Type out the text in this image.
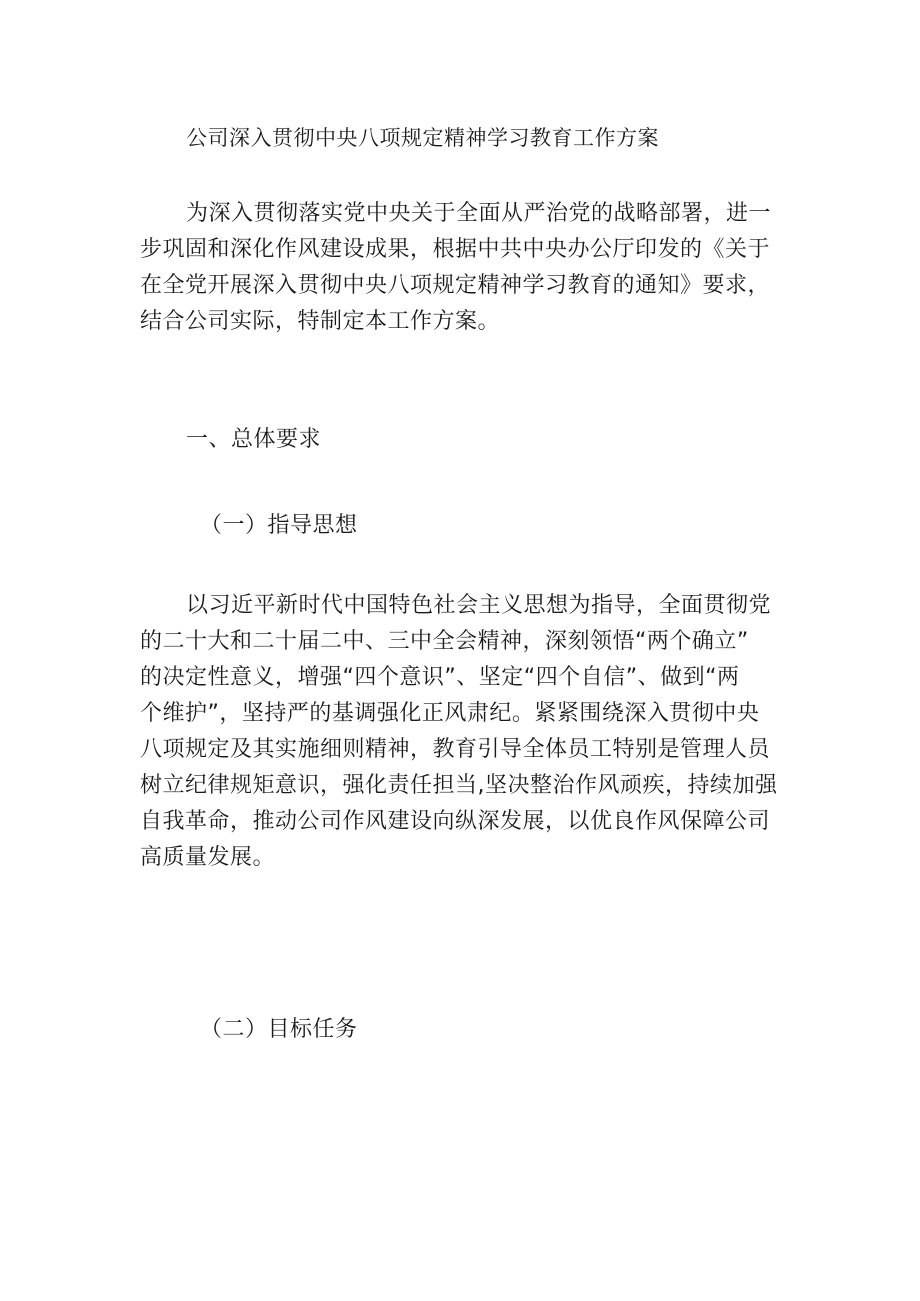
公司深入贯彻中央八项规定精神学习教育工作方案
为深入贯彻落实党中央关于全面从严治党的战略部署，进一
步巩固和深化作风建设成果，根据中共中央办公厅印发的《关于
在全党开展深入贯彻中央八项规定精神学习教育的通知》要求，
结合公司实际，特制定本工作方案。
一、总体要求
（一）指导思想
以习近平新时代中国特色社会主义思想为指导，全面贯彻党
的二十大和二十届二中、三中全会精神，深刻领悟“两个确立”
的决定性意义，增强“四个意识”、坚定“四个自信”、做到“两
个维护”，坚持严的基调强化正风肃纪。紧紧围绕深入贯彻中央
八项规定及其实施细则精神，教育引导全体员工特别是管理人员
树立纪律规矩意识，强化责任担当,坚决整治作风顽疾，持续加强
自我革命，推动公司作风建设向纵深发展，以优良作风保障公司
高质量发展。
（二）目标任务
